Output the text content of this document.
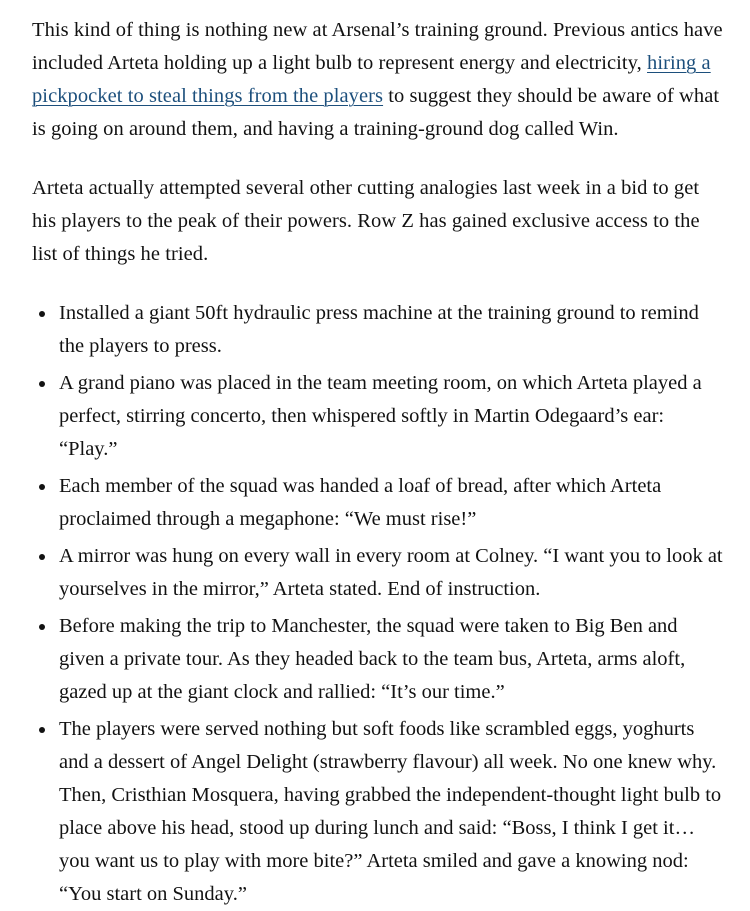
This kind of thing is nothing new at Arsenal’s training ground. Previous antics have included Arteta holding up a light bulb to represent energy and electricity, hiring a pickpocket to steal things from the players to suggest they should be aware of what is going on around them, and having a training-ground dog called Win.

Arteta actually attempted several other cutting analogies last week in a bid to get his players to the peak of their powers. Row Z has gained exclusive access to the list of things he tried.

Installed a giant 50ft hydraulic press machine at the training ground to remind the players to press.
A grand piano was placed in the team meeting room, on which Arteta played a perfect, stirring concerto, then whispered softly in Martin Odegaard’s ear: “Play.”
Each member of the squad was handed a loaf of bread, after which Arteta proclaimed through a megaphone: “We must rise!”
A mirror was hung on every wall in every room at Colney. “I want you to look at yourselves in the mirror,” Arteta stated. End of instruction.
Before making the trip to Manchester, the squad were taken to Big Ben and given a private tour. As they headed back to the team bus, Arteta, arms aloft, gazed up at the giant clock and rallied: “It’s our time.”
The players were served nothing but soft foods like scrambled eggs, yoghurts and a dessert of Angel Delight (strawberry flavour) all week. No one knew why. Then, Cristhian Mosquera, having grabbed the independent-thought light bulb to place above his head, stood up during lunch and said: “Boss, I think I get it… you want us to play with more bite?” Arteta smiled and gave a knowing nod: “You start on Sunday.”
